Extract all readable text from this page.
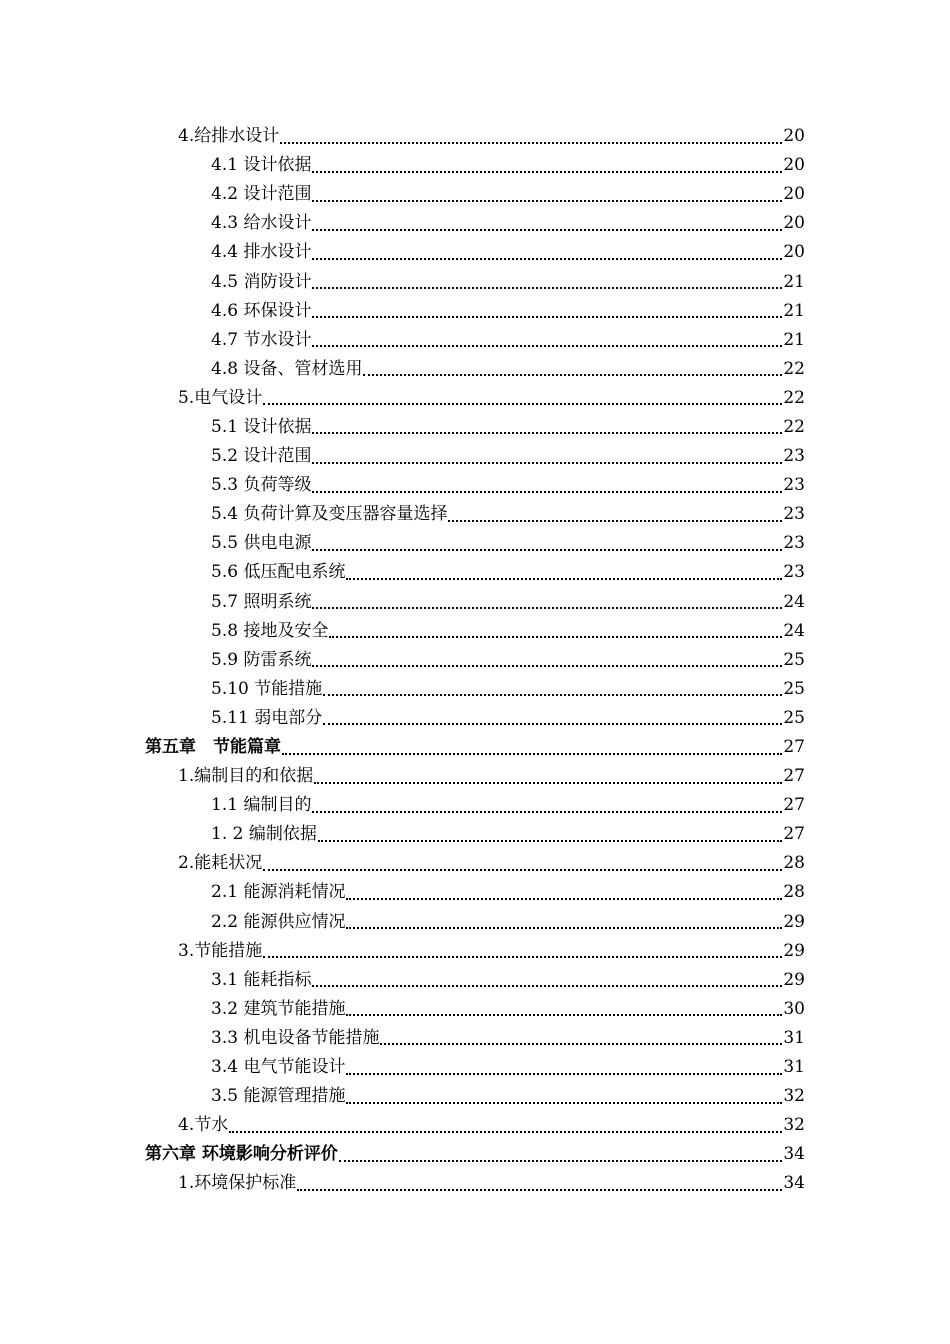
4.给排水设计	20
4.1 设计依据	20
4.2 设计范围	20
4.3 给水设计	20
4.4 排水设计	20
4.5 消防设计	21
4.6 环保设计	21
4.7 节水设计	21
4.8 设备、管材选用	22
5.电气设计	22
5.1 设计依据	22
5.2 设计范围	23
5.3 负荷等级	23
5.4 负荷计算及变压器容量选择	23
5.5 供电电源	23
5.6 低压配电系统	23
5.7 照明系统	24
5.8 接地及安全	24
5.9 防雷系统	25
5.10 节能措施	25
5.11 弱电部分	25
第五章　节能篇章	27
1.编制目的和依据	27
1.1 编制目的	27
1. 2 编制依据	27
2.能耗状况	28
2.1 能源消耗情况	28
2.2 能源供应情况	29
3.节能措施	29
3.1 能耗指标	29
3.2 建筑节能措施	30
3.3 机电设备节能措施	31
3.4 电气节能设计	31
3.5 能源管理措施	32
4.节水	32
第六章 环境影响分析评价	34
1.环境保护标准	34
